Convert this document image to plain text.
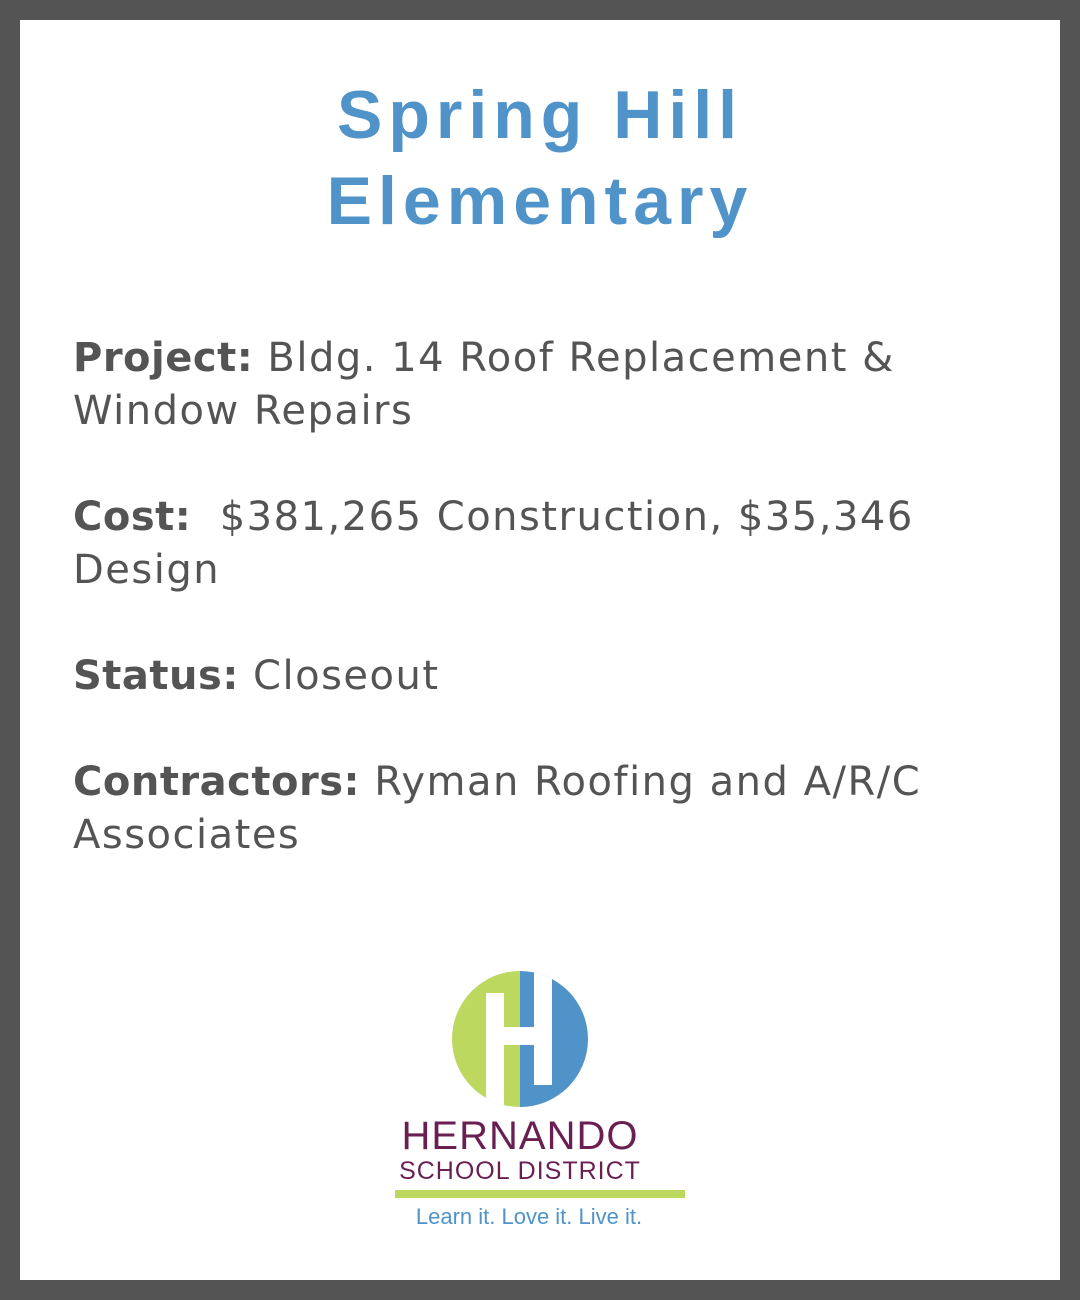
Spring Hill
Elementary

Project: Bldg. 14 Roof Replacement & Window Repairs

Cost: $381,265 Construction, $35,346 Design

Status: Closeout

Contractors: Ryman Roofing and A/R/C Associates

HERNANDO
SCHOOL DISTRICT
Learn it. Love it. Live it.
